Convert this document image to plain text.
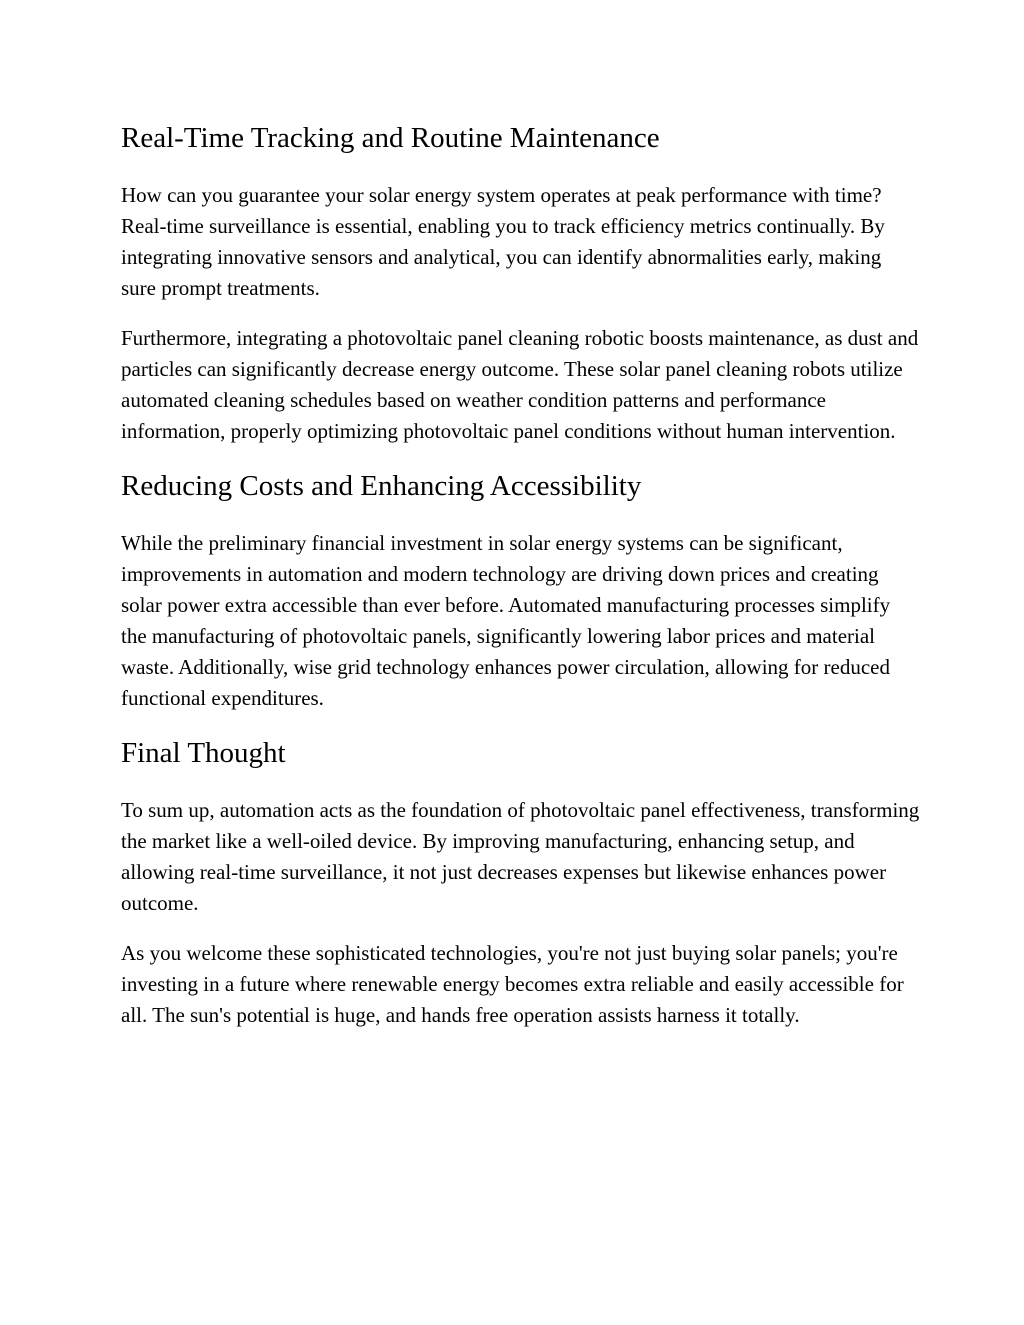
Real-Time Tracking and Routine Maintenance

How can you guarantee your solar energy system operates at peak performance with time? Real-time surveillance is essential, enabling you to track efficiency metrics continually. By integrating innovative sensors and analytical, you can identify abnormalities early, making sure prompt treatments.

Furthermore, integrating a photovoltaic panel cleaning robotic boosts maintenance, as dust and particles can significantly decrease energy outcome. These solar panel cleaning robots utilize automated cleaning schedules based on weather condition patterns and performance information, properly optimizing photovoltaic panel conditions without human intervention.

Reducing Costs and Enhancing Accessibility

While the preliminary financial investment in solar energy systems can be significant, improvements in automation and modern technology are driving down prices and creating solar power extra accessible than ever before. Automated manufacturing processes simplify the manufacturing of photovoltaic panels, significantly lowering labor prices and material waste. Additionally, wise grid technology enhances power circulation, allowing for reduced functional expenditures.

Final Thought

To sum up, automation acts as the foundation of photovoltaic panel effectiveness, transforming the market like a well-oiled device. By improving manufacturing, enhancing setup, and allowing real-time surveillance, it not just decreases expenses but likewise enhances power outcome.

As you welcome these sophisticated technologies, you're not just buying solar panels; you're investing in a future where renewable energy becomes extra reliable and easily accessible for all. The sun's potential is huge, and hands free operation assists harness it totally.
